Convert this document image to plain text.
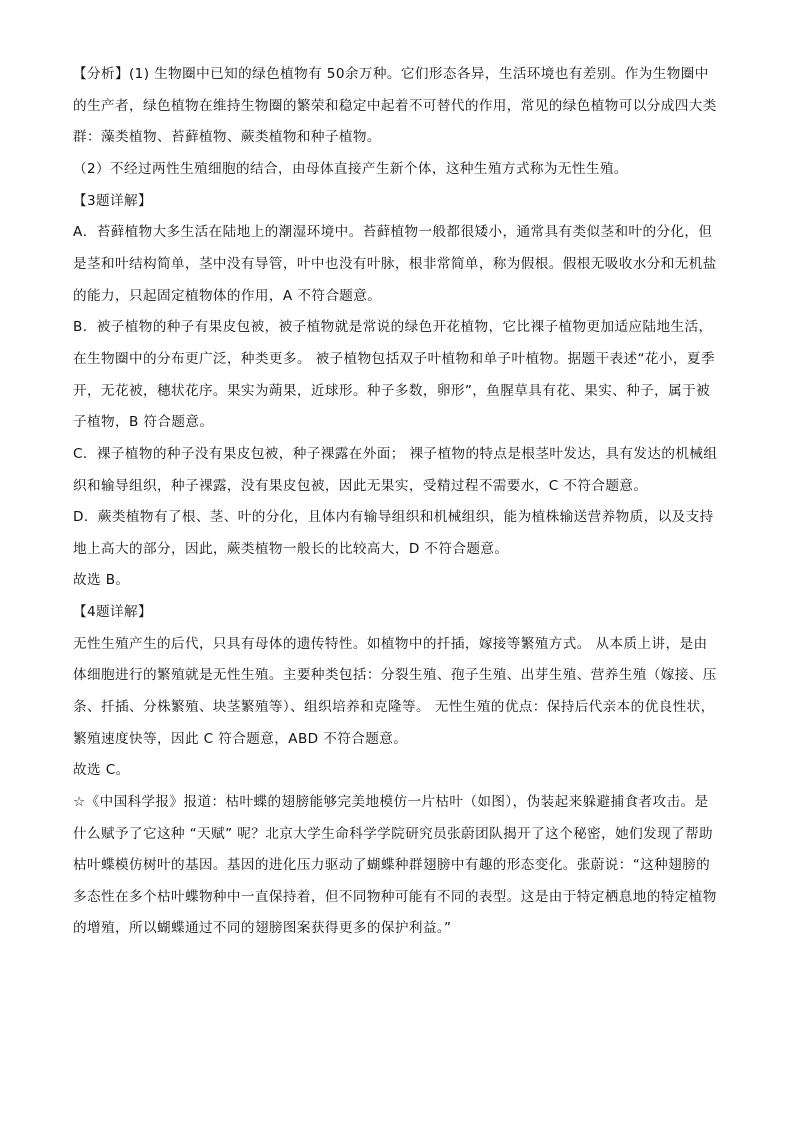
【分析】(1) 生物圈中已知的绿色植物有 50余万种。它们形态各异，生活环境也有差别。作为生物圈中
的生产者，绿色植物在维持生物圈的繁荣和稳定中起着不可替代的作用，常见的绿色植物可以分成四大类
群：藻类植物、苔藓植物、蕨类植物和种子植物。
（2）不经过两性生殖细胞的结合，由母体直接产生新个体，这种生殖方式称为无性生殖。
【3题详解】
A．苔藓植物大多生活在陆地上的潮湿环境中。苔藓植物一般都很矮小，通常具有类似茎和叶的分化，但
是茎和叶结构简单，茎中没有导管，叶中也没有叶脉，根非常简单，称为假根。假根无吸收水分和无机盐
的能力，只起固定植物体的作用，A 不符合题意。
B．被子植物的种子有果皮包被，被子植物就是常说的绿色开花植物，它比裸子植物更加适应陆地生活，
在生物圈中的分布更广泛，种类更多。 被子植物包括双子叶植物和单子叶植物。据题干表述“花小，夏季
开，无花被，穗状花序。果实为蒴果，近球形。种子多数，卵形”，鱼腥草具有花、果实、种子，属于被
子植物，B 符合题意。
C．裸子植物的种子没有果皮包被，种子裸露在外面； 裸子植物的特点是根茎叶发达，具有发达的机械组
织和输导组织，种子裸露，没有果皮包被，因此无果实，受精过程不需要水，C 不符合题意。
D．蕨类植物有了根、茎、叶的分化，且体内有输导组织和机械组织，能为植株输送营养物质，以及支持
地上高大的部分，因此，蕨类植物一般长的比较高大，D 不符合题意。
故选 B。
【4题详解】
无性生殖产生的后代，只具有母体的遗传特性。如植物中的扦插，嫁接等繁殖方式。 从本质上讲，是由
体细胞进行的繁殖就是无性生殖。主要种类包括：分裂生殖、孢子生殖、出芽生殖、营养生殖（嫁接、压
条、扦插、分株繁殖、块茎繁殖等）、组织培养和克隆等。 无性生殖的优点：保持后代亲本的优良性状，
繁殖速度快等，因此 C 符合题意，ABD 不符合题意。
故选 C。
☆《中国科学报》报道：枯叶蝶的翅膀能够完美地模仿一片枯叶（如图），伪装起来躲避捕食者攻击。是
什么赋予了它这种 “天赋” 呢？北京大学生命科学学院研究员张蔚团队揭开了这个秘密，她们发现了帮助
枯叶蝶模仿树叶的基因。基因的进化压力驱动了蝴蝶种群翅膀中有趣的形态变化。张蔚说：“这种翅膀的
多态性在多个枯叶蝶物种中一直保持着，但不同物种可能有不同的表型。这是由于特定栖息地的特定植物
的增殖，所以蝴蝶通过不同的翅膀图案获得更多的保护利益。”
